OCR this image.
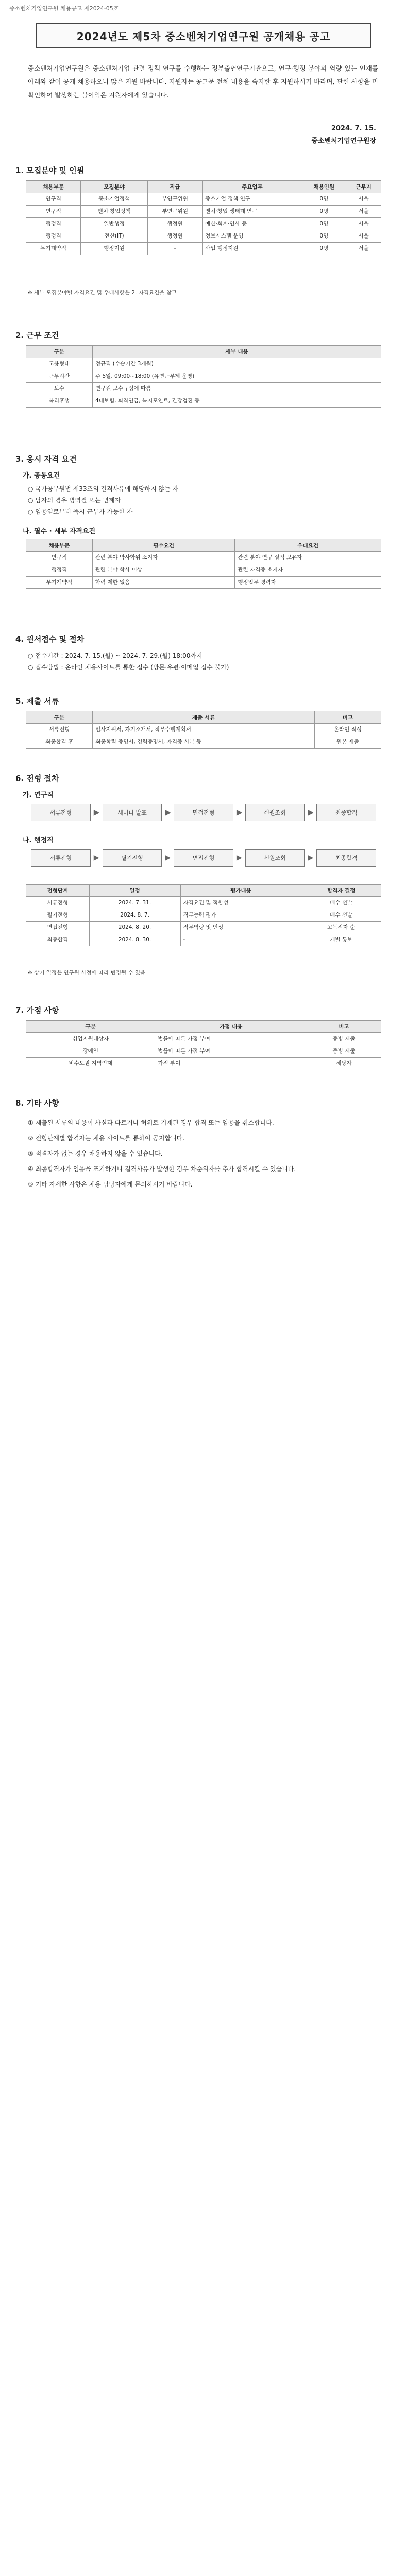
중소벤처기업연구원 채용공고 제2024-05호
2024년도 제5차 중소벤처기업연구원 공개채용 공고
중소벤처기업연구원은 중소벤처기업 관련 정책 연구를 수행하는 정부출연연구기관으로, 연구·행정 분야의 역량 있는 인재를 아래와 같이 공개 채용하오니 많은 지원 바랍니다. 지원자는 공고문 전체 내용을 숙지한 후 지원하시기 바라며, 관련 사항을 미확인하여 발생하는 불이익은 지원자에게 있습니다.
2024. 7. 15.
중소벤처기업연구원장
1. 모집분야 및 인원
채용부문	모집분야	직급	주요업무	채용인원	근무지
연구직	중소기업정책	부연구위원	중소기업 정책 연구	0명	서울
연구직	벤처·창업정책	부연구위원	벤처·창업 생태계 연구	0명	서울
행정직	일반행정	행정원	예산·회계·인사 등	0명	서울
행정직	전산(IT)	행정원	정보시스템 운영	0명	서울
무기계약직	행정지원	-	사업 행정지원	0명	서울
※ 세부 모집분야별 자격요건 및 우대사항은 2. 자격요건을 참고
2. 근무 조건
구분	세부 내용
고용형태	정규직 (수습기간 3개월)
근무시간	주 5일, 09:00~18:00 (유연근무제 운영)
보수	연구원 보수규정에 따름
복리후생	4대보험, 퇴직연금, 복지포인트, 건강검진 등
3. 응시 자격 요건
가. 공통요건
○ 국가공무원법 제33조의 결격사유에 해당하지 않는 자
○ 남자의 경우 병역필 또는 면제자
○ 임용일로부터 즉시 근무가 가능한 자
나. 필수 · 세부 자격요건
채용부문	필수요건	우대요건
연구직	관련 분야 박사학위 소지자	관련 분야 연구 실적 보유자
행정직	관련 분야 학사 이상	관련 자격증 소지자
무기계약직	학력 제한 없음	행정업무 경력자
4. 원서접수 및 절차
○ 접수기간 : 2024. 7. 15.(월) ~ 2024. 7. 29.(월) 18:00까지
○ 접수방법 : 온라인 채용사이트를 통한 접수 (방문·우편·이메일 접수 불가)
5. 제출 서류
구분	제출 서류	비고
서류전형	입사지원서, 자기소개서, 직무수행계획서	온라인 작성
최종합격 후	최종학력 증명서, 경력증명서, 자격증 사본 등	원본 제출
6. 전형 절차
가. 연구직
서류전형	▶	세미나 발표	▶	면접전형	▶	신원조회	▶	최종합격
나. 행정직
서류전형	▶	필기전형	▶	면접전형	▶	신원조회	▶	최종합격
전형단계	일정	평가내용	합격자 결정
서류전형	2024. 7. 31.	자격요건 및 적합성	배수 선발
필기전형	2024. 8. 7.	직무능력 평가	배수 선발
면접전형	2024. 8. 20.	직무역량 및 인성	고득점자 순
최종합격	2024. 8. 30.	-	개별 통보
※ 상기 일정은 연구원 사정에 따라 변경될 수 있음
7. 가점 사항
구분	가점 내용	비고
취업지원대상자	법률에 따른 가점 부여	증빙 제출
장애인	법률에 따른 가점 부여	증빙 제출
비수도권 지역인재	가점 부여	해당자
8. 기타 사항
① 제출된 서류의 내용이 사실과 다르거나 허위로 기재된 경우 합격 또는 임용을 취소합니다.
② 전형단계별 합격자는 채용 사이트를 통하여 공지합니다.
③ 적격자가 없는 경우 채용하지 않을 수 있습니다.
④ 최종합격자가 임용을 포기하거나 결격사유가 발생한 경우 차순위자를 추가 합격시킬 수 있습니다.
⑤ 기타 자세한 사항은 채용 담당자에게 문의하시기 바랍니다.
